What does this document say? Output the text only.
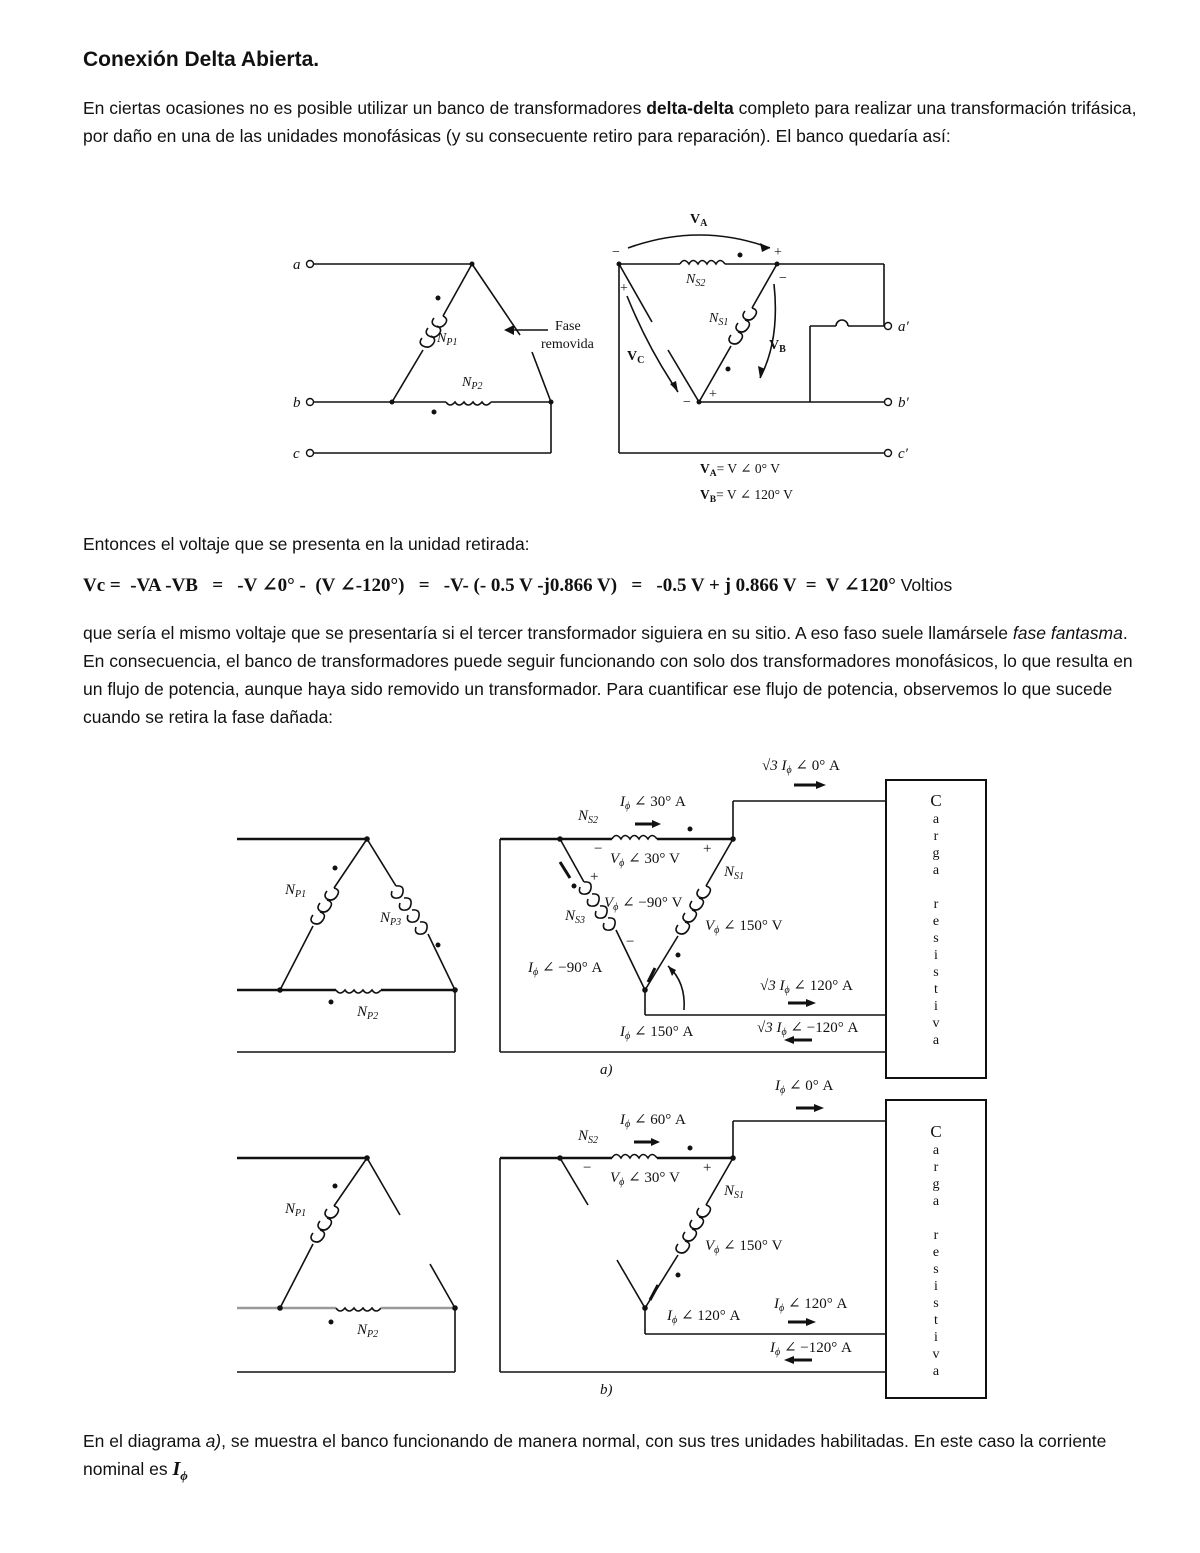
Conexión Delta Abierta.

En ciertas ocasiones no es posible utilizar un banco de transformadores delta-delta completo para realizar una transformación trifásica, por daño en una de las unidades monofásicas (y su consecuente retiro para reparación). El banco quedaría así:

a
b
c
a′
b′
c′
$N_{P1}$
$N_{P2}$
$N_{S2}$
$N_{S1}$
Fase
removida
$V_A$
$V_B$
$V_C$
−	+
−
+
−
+
$V_A= V$ ∠ 0° V
$V_B= V$ ∠ 120° V

Entonces el voltaje que se presenta en la unidad retirada:

Vc =  -VA -VB   =   -V ∠0° -  (V ∠-120°)   =   -V- (- 0.5 V -j0.866 V)   =   -0.5 V + j 0.866 V  =  V ∠120° Voltios

que sería el mismo voltaje que se presentaría si el tercer transformador siguiera en su sitio. A eso faso suele llamársele fase fantasma. En consecuencia, el banco de transformadores puede seguir funcionando con solo dos transformadores monofásicos, lo que resulta en un flujo de potencia, aunque haya sido removido un transformador. Para cuantificar ese flujo de potencia, observemos lo que sucede cuando se retira la fase dañada:

$N_{P1}$
$N_{P3}$
$N_{P2}$
$N_{S2}$
$N_{S1}$
$N_{S3}$
√3 $I_\phi$ ∠ 0° A
$I_\phi$ ∠ 30° A
$V_\phi$ ∠ 30° V
$V_\phi$ ∠ −90° V
$V_\phi$ ∠ 150° V
$I_\phi$ ∠ −90° A
$I_\phi$ ∠ 150° A
√3 $I_\phi$ ∠ 120° A
√3 $I_\phi$ ∠ −120° A
a)
−	+
+
−
$N_{P1}$
$N_{P2}$
$N_{S2}$
$N_{S1}$
$I_\phi$ ∠ 0° A
$I_\phi$ ∠ 60° A
$V_\phi$ ∠ 30° V
$V_\phi$ ∠ 150° V
$I_\phi$ ∠ 120° A
$I_\phi$ ∠ 120° A
$I_\phi$ ∠ −120° A
b)
−	+
C
a
r
g
a
r
e
s
i
s
t
i
v
a
C
a
r
g
a
r
e
s
i
s
t
i
v
a

En el diagrama a), se muestra el banco funcionando de manera normal, con sus tres unidades habilitadas. En este caso la corriente nominal es $I_\phi$
